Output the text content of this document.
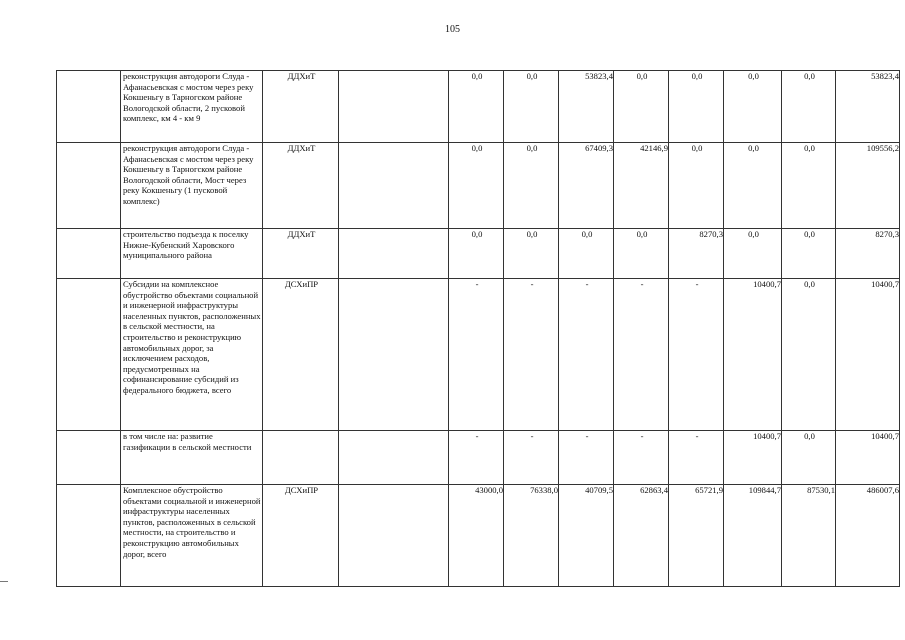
105
	реконструкция автодороги Слуда - Афанасьевская с мостом через реку Кокшеньгу в Тарногском районе Вологодской области, 2 пусковой комплекс, км 4 - км 9	ДДХиТ		0,0	0,0	53823,4	0,0	0,0	0,0	0,0	53823,4
	реконструкция автодороги Слуда - Афанасьевская с мостом через реку Кокшеньгу в Тарногском районе Вологодской области, Мост через реку Кокшеньгу (1 пусковой комплекс)	ДДХиТ		0,0	0,0	67409,3	42146,9	0,0	0,0	0,0	109556,2
	строительство подъезда к поселку Нижне-Кубенский Харовского муниципального района	ДДХиТ		0,0	0,0	0,0	0,0	8270,3	0,0	0,0	8270,3
	Субсидии на комплексное обустройство объектами социальной и инженерной инфраструктуры населенных пунктов, расположенных в сельской местности, на строительство и реконструкцию автомобильных дорог, за исключением расходов, предусмотренных на софинансирование субсидий из федерального бюджета, всего	ДСХиПР		-	-	-	-	-	10400,7	0,0	10400,7
	в том числе на: развитие газификации в сельской местности			-	-	-	-	-	10400,7	0,0	10400,7
	Комплексное обустройство объектами социальной и инженерной инфраструктуры населенных пунктов, расположенных в сельской местности, на строительство и реконструкцию автомобильных дорог, всего	ДСХиПР		43000,0	76338,0	40709,5	62863,4	65721,9	109844,7	87530,1	486007,6
